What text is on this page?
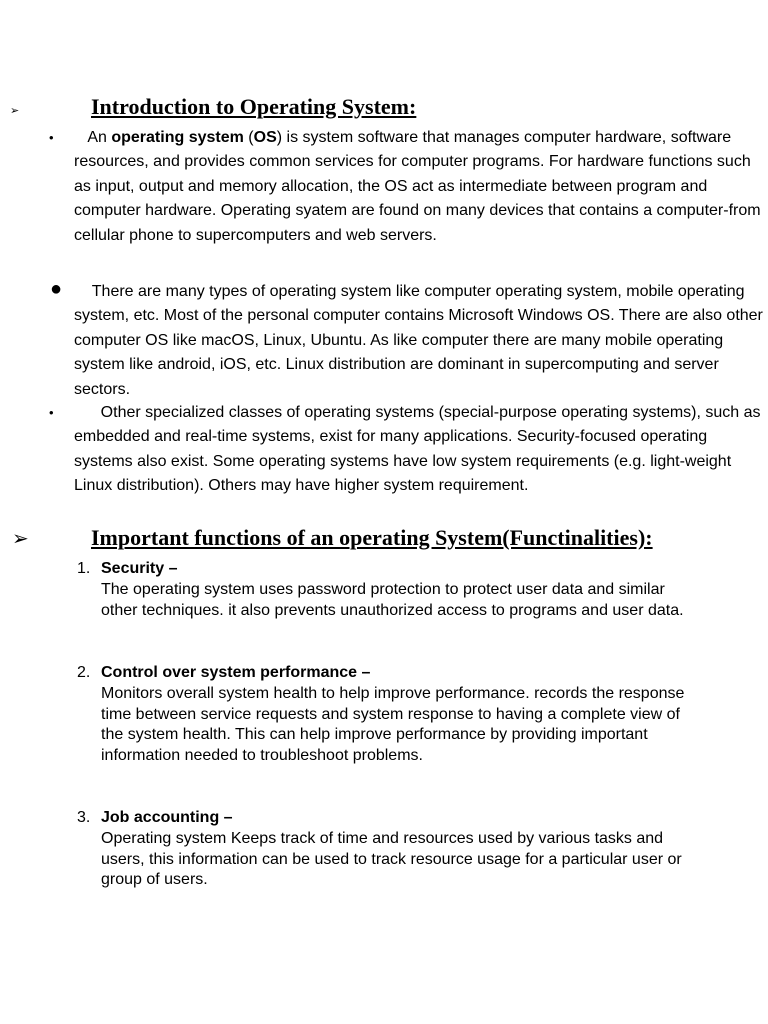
➢	Introduction to Operating System:
•	An operating system (OS) is system software that manages computer hardware, software resources, and provides common services for computer programs. For hardware functions such as input, output and memory allocation, the OS act as intermediate between program and computer hardware. Operating syatem are found on many devices that contains a computer-from cellular phone to supercomputers and web servers.

●	There are many types of operating system like computer operating system, mobile operating system, etc. Most of the personal computer contains Microsoft Windows OS. There are also other computer OS like macOS, Linux, Ubuntu. As like computer there are many mobile operating system like android, iOS, etc. Linux distribution are dominant in supercomputing and server sectors.

•	Other specialized classes of operating systems (special-purpose operating systems), such as embedded and real-time systems, exist for many applications. Security-focused operating systems also exist. Some operating systems have low system requirements (e.g. light-weight Linux distribution). Others may have higher system requirement.

➢	Important functions of an operating System(Functinalities):
1. Security –
The operating system uses password protection to protect user data and similar other techniques. it also prevents unauthorized access to programs and user data.
2. Control over system performance –
Monitors overall system health to help improve performance. records the response time between service requests and system response to having a complete view of the system health. This can help improve performance by providing important information needed to troubleshoot problems.
3. Job accounting –
Operating system Keeps track of time and resources used by various tasks and users, this information can be used to track resource usage for a particular user or group of users.
